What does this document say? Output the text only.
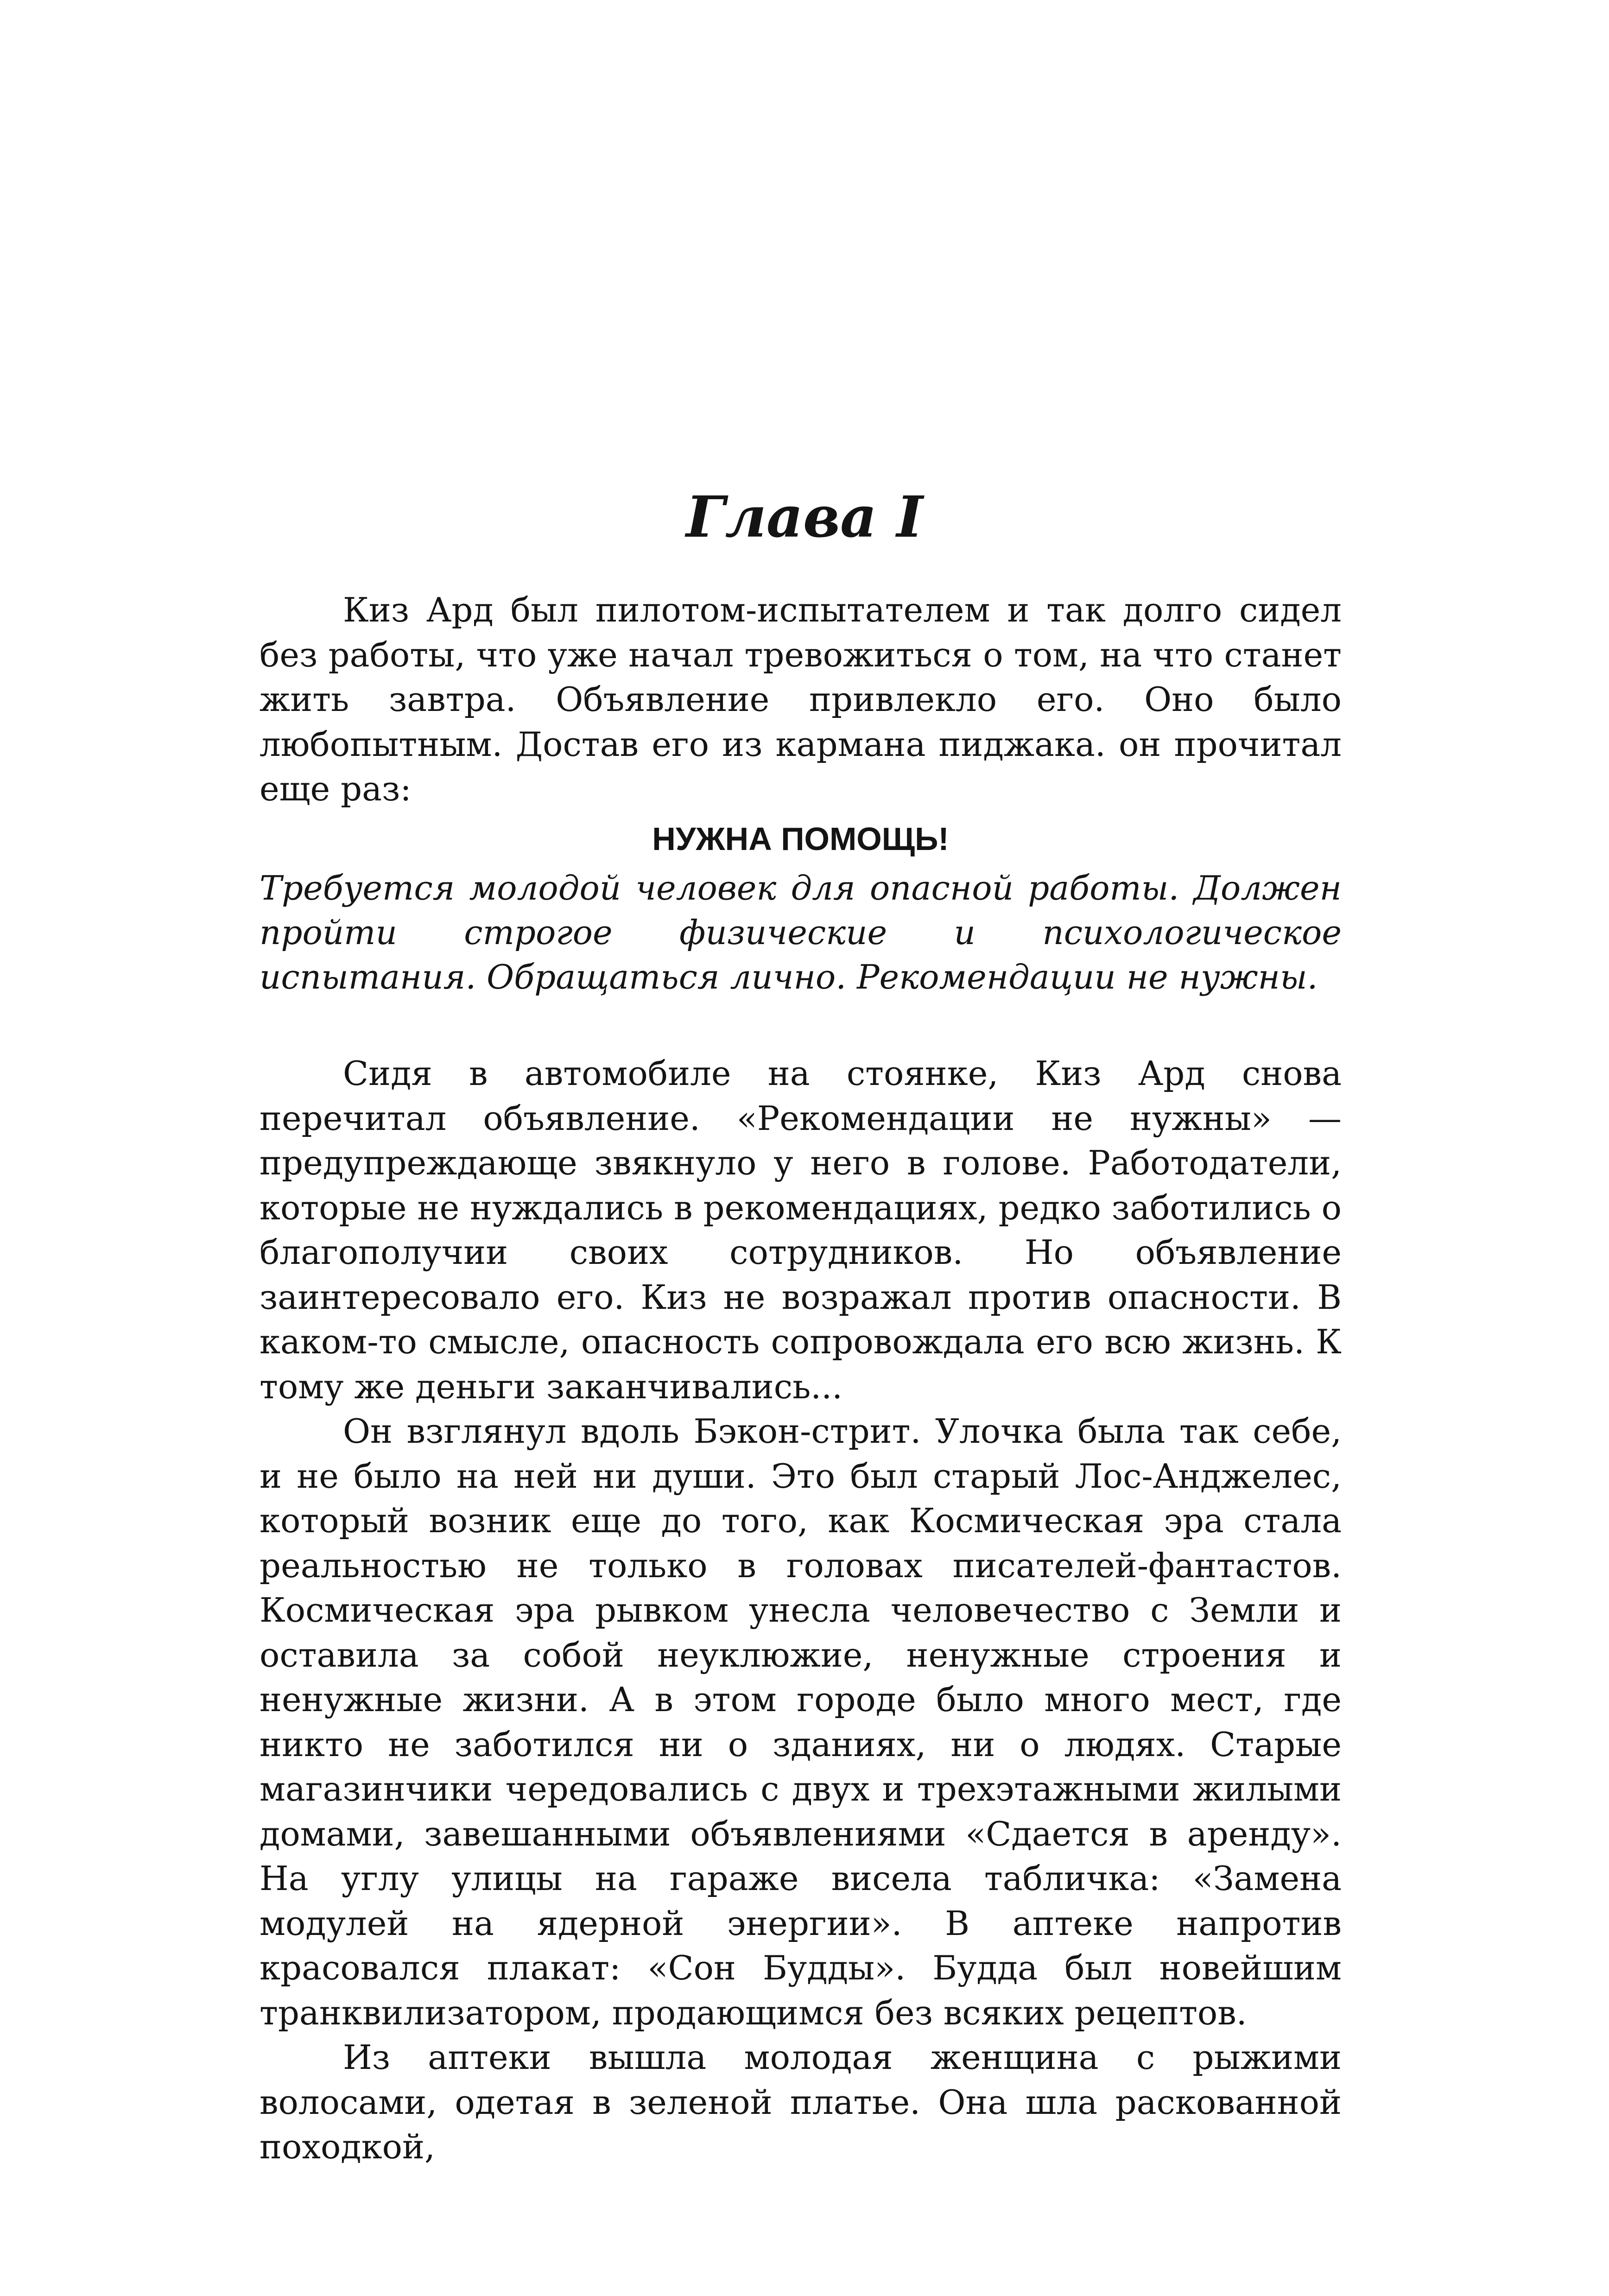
Глава I

Киз Ард был пилотом-испытателем и так долго сидел без работы, что уже начал тревожиться о том, на что станет жить завтра. Объявление привлекло его. Оно было любопытным. Достав его из кармана пиджака. он прочитал еще раз:

НУЖНА ПОМОЩЬ!
Требуется молодой человек для опасной работы. Должен пройти строгое физические и психологическое испытания. Обращаться лично. Рекомендации не нужны.

Сидя в автомобиле на стоянке, Киз Ард снова перечитал объявление. «Рекомендации не нужны» — предупреждающе звякнуло у него в голове. Работодатели, которые не нуждались в рекомендациях, редко заботились о благополучии своих сотрудников. Но объявление заинтересовало его. Киз не возражал против опасности. В каком-то смысле, опасность сопровождала его всю жизнь. К тому же деньги заканчивались...

Он взглянул вдоль Бэкон-стрит. Улочка была так себе, и не было на ней ни души. Это был старый Лос-Анджелес, который возник еще до того, как Космическая эра стала реальностью не только в головах писателей-фантастов. Космическая эра рывком унесла человечество с Земли и оставила за собой неуклюжие, ненужные строения и ненужные жизни. А в этом городе было много мест, где никто не заботился ни о зданиях, ни о людях. Старые магазинчики чередовались с двух и трехэтажными жилыми домами, завешанными объявлениями «Сдается в аренду». На углу улицы на гараже висела табличка: «Замена модулей на ядерной энергии». В аптеке напротив красовался плакат: «Сон Будды». Будда был новейшим транквилизатором, продающимся без всяких рецептов.

Из аптеки вышла молодая женщина с рыжими волосами, одетая в зеленой платье. Она шла раскованной походкой,
